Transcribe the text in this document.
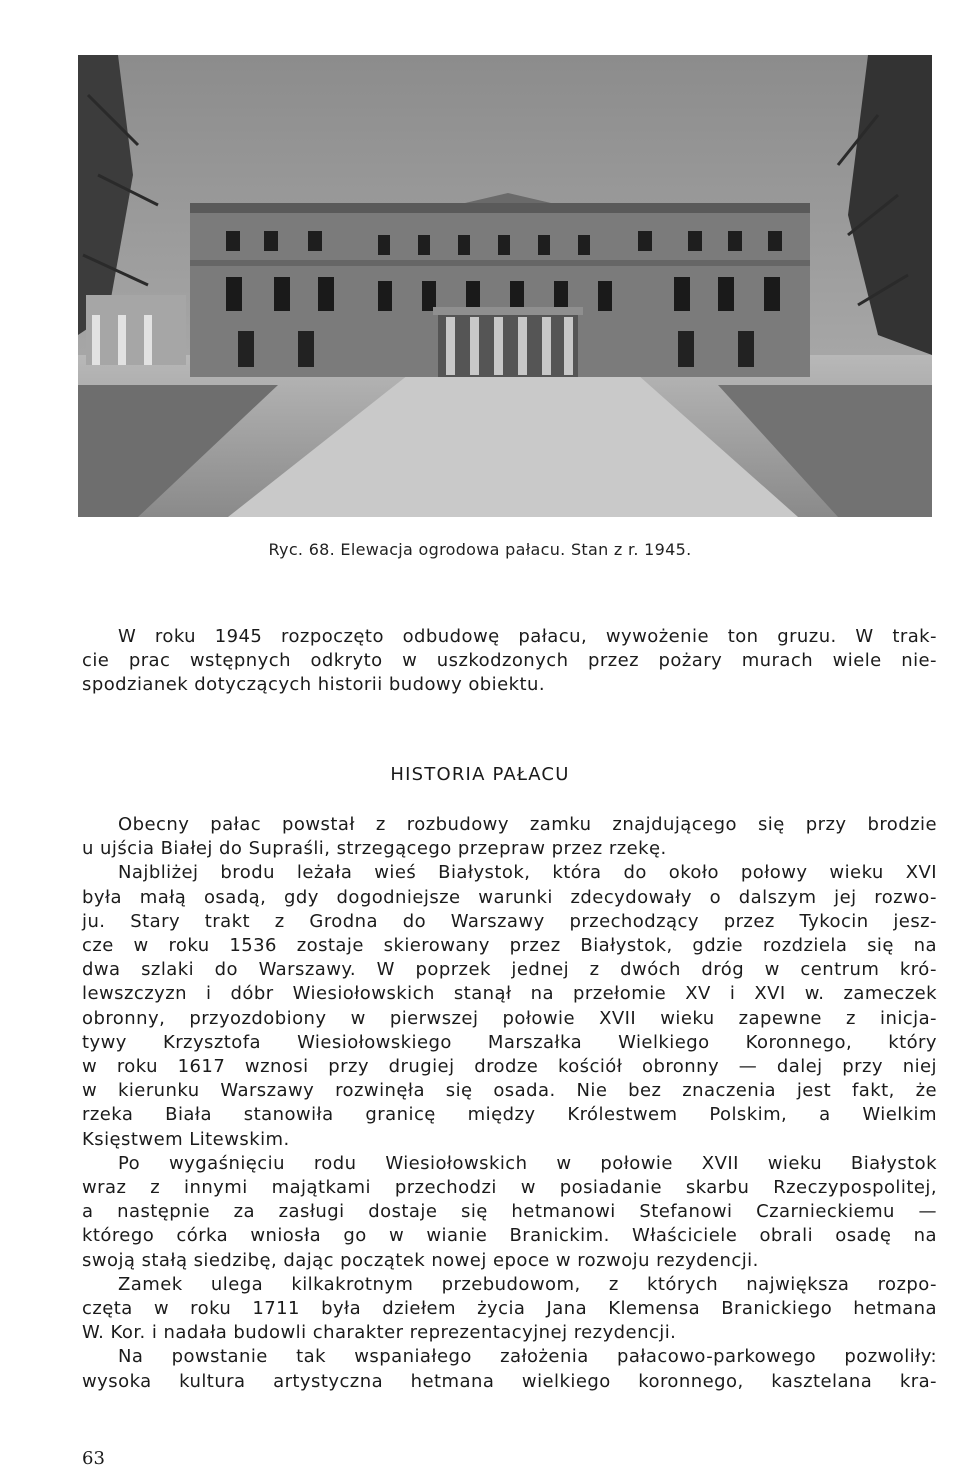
Ryc. 68. Elewacja ogrodowa pałacu. Stan z r. 1945.
W roku 1945 rozpoczęto odbudowę pałacu, wywożenie ton gruzu. W trak-
cie prac wstępnych odkryto w uszkodzonych przez pożary murach wiele nie-
spodzianek dotyczących historii budowy obiektu.
HISTORIA PAŁACU
Obecny pałac powstał z rozbudowy zamku znajdującego się przy brodzie
u ujścia Białej do Supraśli, strzegącego przepraw przez rzekę.
Najbliżej brodu leżała wieś Białystok, która do około połowy wieku XVI
była małą osadą, gdy dogodniejsze warunki zdecydowały o dalszym jej rozwo-
ju. Stary trakt z Grodna do Warszawy przechodzący przez Tykocin jesz-
cze w roku 1536 zostaje skierowany przez Białystok, gdzie rozdziela się na
dwa szlaki do Warszawy. W poprzek jednej z dwóch dróg w centrum kró-
lewszczyzn i dóbr Wiesiołowskich stanął na przełomie XV i XVI w. zameczek
obronny, przyozdobiony w pierwszej połowie XVII wieku zapewne z inicja-
tywy Krzysztofa Wiesiołowskiego Marszałka Wielkiego Koronnego, który
w roku 1617 wznosi przy drugiej drodze kościół obronny — dalej przy niej
w kierunku Warszawy rozwinęła się osada. Nie bez znaczenia jest fakt, że
rzeka Biała stanowiła granicę między Królestwem Polskim, a Wielkim
Księstwem Litewskim.
Po wygaśnięciu rodu Wiesiołowskich w połowie XVII wieku Białystok
wraz z innymi majątkami przechodzi w posiadanie skarbu Rzeczypospolitej,
a następnie za zasługi dostaje się hetmanowi Stefanowi Czarnieckiemu —
którego córka wniosła go w wianie Branickim. Właściciele obrali osadę na
swoją stałą siedzibę, dając początek nowej epoce w rozwoju rezydencji.
Zamek ulega kilkakrotnym przebudowom, z których największa rozpo-
częta w roku 1711 była dziełem życia Jana Klemensa Branickiego hetmana
W. Kor. i nadała budowli charakter reprezentacyjnej rezydencji.
Na powstanie tak wspaniałego założenia pałacowo-parkowego pozwoliły:
wysoka kultura artystyczna hetmana wielkiego koronnego, kasztelana kra-
63
